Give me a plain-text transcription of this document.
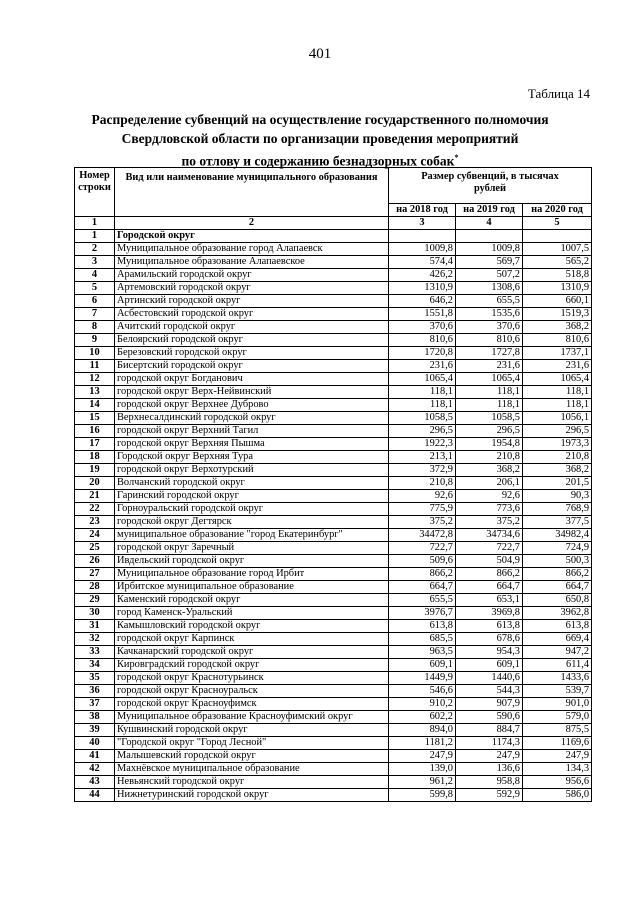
401
Таблица 14
Распределение субвенций на осуществление государственного полномочия
Свердловской области по организации проведения мероприятий
по отлову и содержанию безнадзорных собак*
Номер строки	Вид или наименование муниципального образования	Размер субвенций, в тысячах рублей		
		на 2018 год	на 2019 год	на 2020 год
1	2	3	4	5
1	Городской округ			
2	Муниципальное образование город Алапаевск	1009,8	1009,8	1007,5
3	Муниципальное образование Алапаевское	574,4	569,7	565,2
4	Арамильский городской округ	426,2	507,2	518,8
5	Артемовский городской округ	1310,9	1308,6	1310,9
6	Артинский городской округ	646,2	655,5	660,1
7	Асбестовский городской округ	1551,8	1535,6	1519,3
8	Ачитский городской округ	370,6	370,6	368,2
9	Белоярский городской округ	810,6	810,6	810,6
10	Березовский городской округ	1720,8	1727,8	1737,1
11	Бисертский городской округ	231,6	231,6	231,6
12	городской округ Богданович	1065,4	1065,4	1065,4
13	городской округ Верх-Нейвинский	118,1	118,1	118,1
14	городской округ Верхнее Дуброво	118,1	118,1	118,1
15	Верхнесалдинский городской округ	1058,5	1058,5	1056,1
16	городской округ Верхний Тагил	296,5	296,5	296,5
17	городской округ Верхняя Пышма	1922,3	1954,8	1973,3
18	Городской округ Верхняя Тура	213,1	210,8	210,8
19	городской округ Верхотурский	372,9	368,2	368,2
20	Волчанский городской округ	210,8	206,1	201,5
21	Гаринский городской округ	92,6	92,6	90,3
22	Горноуральский городской округ	775,9	773,6	768,9
23	городской округ Дегтярск	375,2	375,2	377,5
24	муниципальное образование "город Екатеринбург"	34472,8	34734,6	34982,4
25	городской округ Заречный	722,7	722,7	724,9
26	Ивдельский городской округ	509,6	504,9	500,3
27	Муниципальное образование город Ирбит	866,2	866,2	866,2
28	Ирбитское муниципальное образование	664,7	664,7	664,7
29	Каменский городской округ	655,5	653,1	650,8
30	город Каменск-Уральский	3976,7	3969,8	3962,8
31	Камышловский городской округ	613,8	613,8	613,8
32	городской округ Карпинск	685,5	678,6	669,4
33	Качканарский городской округ	963,5	954,3	947,2
34	Кировградский городской округ	609,1	609,1	611,4
35	городской округ Краснотурьинск	1449,9	1440,6	1433,6
36	городской округ Красноуральск	546,6	544,3	539,7
37	городской округ Красноуфимск	910,2	907,9	901,0
38	Муниципальное образование Красноуфимский округ	602,2	590,6	579,0
39	Кушвинский городской округ	894,0	884,7	875,5
40	"Городской округ "Город Лесной"	1181,2	1174,3	1169,6
41	Малышевский городской округ	247,9	247,9	247,9
42	Махнёвское муниципальное образование	139,0	136,6	134,3
43	Невьянский городской округ	961,2	958,8	956,6
44	Нижнетуринский городской округ	599,8	592,9	586,0
